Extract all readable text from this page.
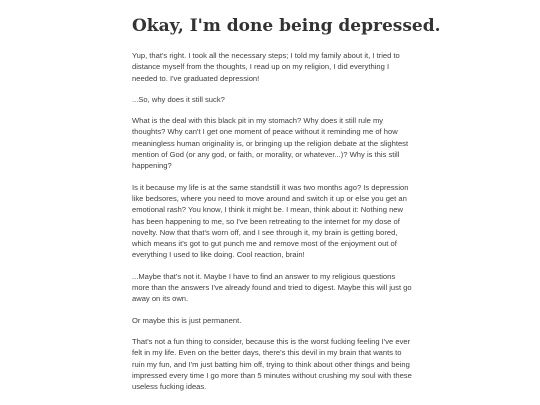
Okay, I'm done being depressed.

Yup, that's right. I took all the necessary steps; I told my family about it, I tried to distance myself from the thoughts, I read up on my religion, I did everything I needed to. I've graduated depression!

...So, why does it still suck?

What is the deal with this black pit in my stomach? Why does it still rule my thoughts? Why can't I get one moment of peace without it reminding me of how meaningless human originality is, or bringing up the religion debate at the slightest mention of God (or any god, or faith, or morality, or whatever...)? Why is this still happening?

Is it because my life is at the same standstill it was two months ago? Is depression like bedsores, where you need to move around and switch it up or else you get an emotional rash? You know, I think it might be. I mean, think about it: Nothing new has been happening to me, so I've been retreating to the internet for my dose of novelty. Now that that's worn off, and I see through it, my brain is getting bored, which means it's got to gut punch me and remove most of the enjoyment out of everything I used to like doing. Cool reaction, brain!

...Maybe that's not it. Maybe I have to find an answer to my religious questions more than the answers I've already found and tried to digest. Maybe this will just go away on its own.

Or maybe this is just permanent.

That's not a fun thing to consider, because this is the worst fucking feeling I've ever felt in my life. Even on the better days, there's this devil in my brain that wants to ruin my fun, and I'm just batting him off, trying to think about other things and being impressed every time I go more than 5 minutes without crushing my soul with these useless fucking ideas.
